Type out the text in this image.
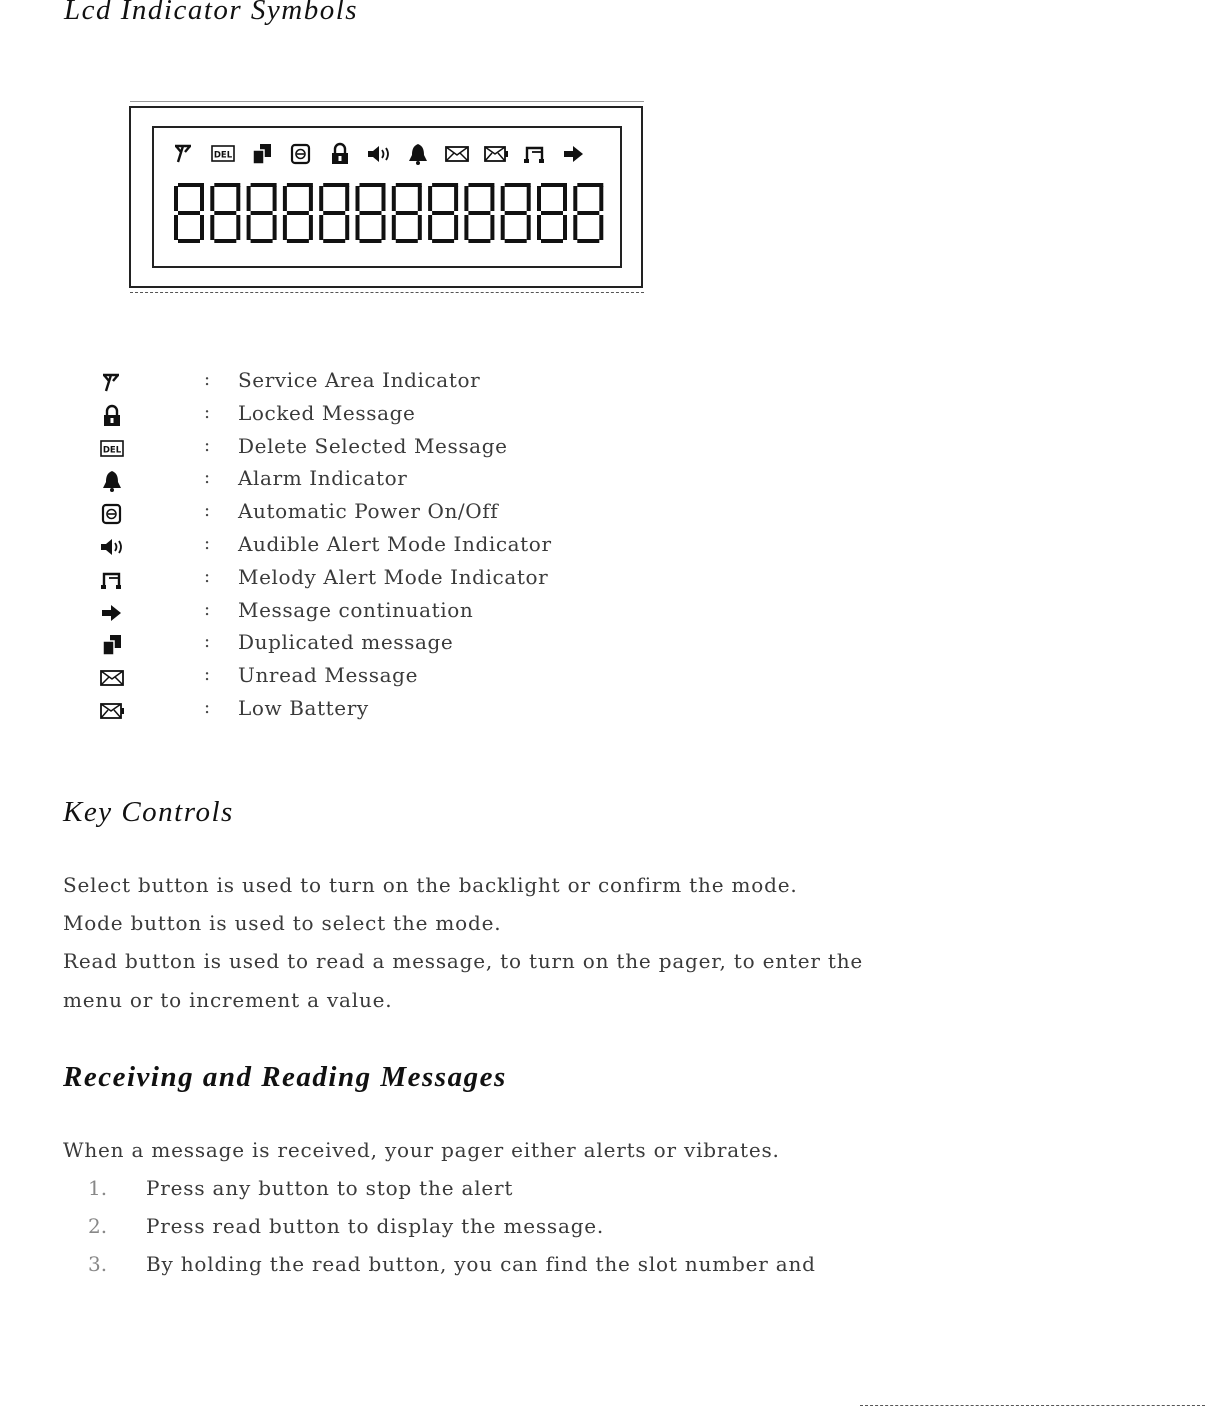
Lcd Indicator Symbols
DEL
: Service Area Indicator
: Locked Message
DEL	: Delete Selected Message
: Alarm Indicator
: Automatic Power On/Off
: Audible Alert Mode Indicator
: Melody Alert Mode Indicator
: Message continuation
: Duplicated message
: Unread Message
: Low Battery
Key Controls
Select button is used to turn on the backlight or confirm the mode.
Mode button is used to select the mode.
Read button is used to read a message, to turn on the pager, to enter the
menu or to increment a value.
Receiving and Reading Messages
When a message is received, your pager either alerts or vibrates.
1. Press any button to stop the alert
2. Press read button to display the message.
3. By holding the read button, you can find the slot number and
